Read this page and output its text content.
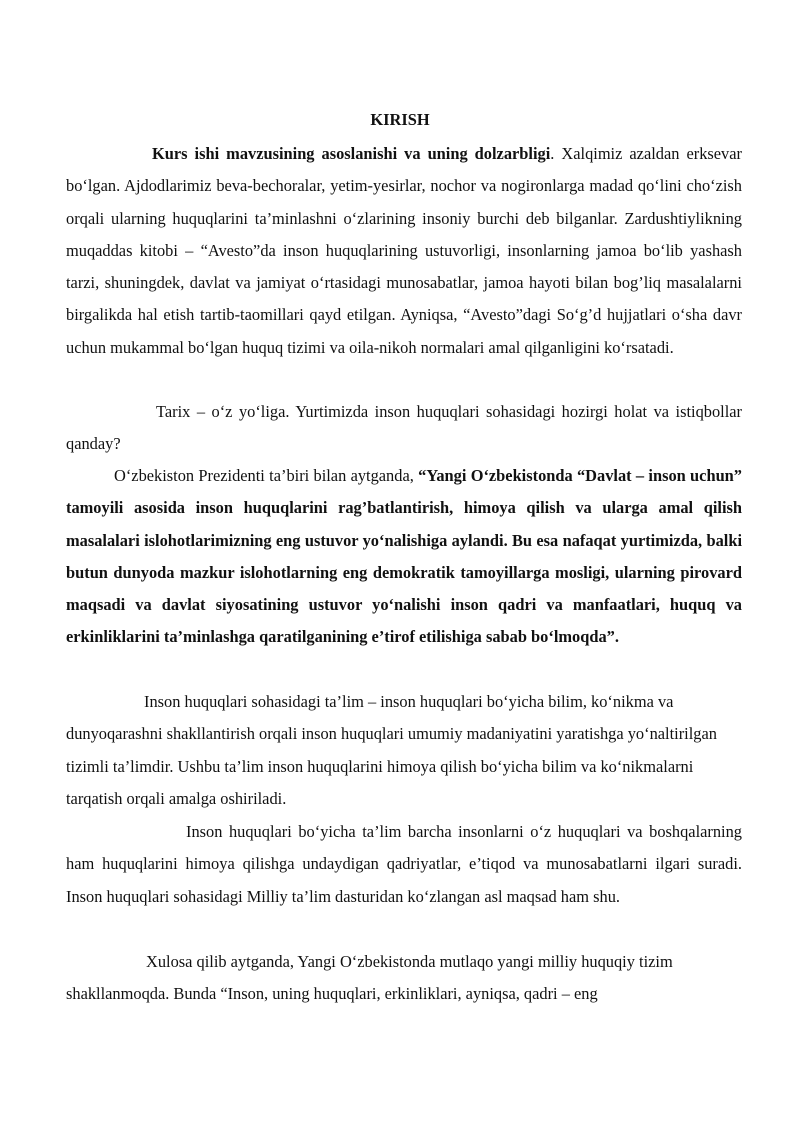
KIRISH

Kurs ishi mavzusining asoslanishi va uning dolzarbligi. Xalqimiz azaldan erksevar bo‘lgan. Ajdodlarimiz beva-bechoralar, yetim-yesirlar, nochor va nogironlarga madad qo‘lini cho‘zish orqali ularning huquqlarini ta’minlashni o‘zlarining insoniy burchi deb bilganlar. Zardushtiylikning muqaddas kitobi – “Avesto”da inson huquqlarining ustuvorligi, insonlarning jamoa bo‘lib yashash tarzi, shuningdek, davlat va jamiyat o‘rtasidagi munosabatlar, jamoa hayoti bilan bog’liq masalalarni birgalikda hal etish tartib-taomillari qayd etilgan. Ayniqsa, “Avesto”dagi So‘g’d hujjatlari o‘sha davr uchun mukammal bo‘lgan huquq tizimi va oila-nikoh normalari amal qilganligini ko‘rsatadi.

Tarix – o‘z yo‘liga. Yurtimizda inson huquqlari sohasidagi hozirgi holat va istiqbollar qanday?

O‘zbekiston Prezidenti ta’biri bilan aytganda, “Yangi O‘zbekistonda “Davlat – inson uchun” tamoyili asosida inson huquqlarini rag’batlantirish, himoya qilish va ularga amal qilish masalalari islohotlarimizning eng ustuvor yo‘nalishiga aylandi. Bu esa nafaqat yurtimizda, balki butun dunyoda mazkur islohotlarning eng demokratik tamoyillarga mosligi, ularning pirovard maqsadi va davlat siyosatining ustuvor yo‘nalishi inson qadri va manfaatlari, huquq va erkinliklarini ta’minlashga qaratilganining e’tirof etilishiga sabab bo‘lmoqda”.

Inson huquqlari sohasidagi ta’lim – inson huquqlari bo‘yicha bilim, ko‘nikma va dunyoqarashni shakllantirish orqali inson huquqlari umumiy madaniyatini yaratishga yo‘naltirilgan tizimli ta’limdir. Ushbu ta’lim inson huquqlarini himoya qilish bo‘yicha bilim va ko‘nikmalarni tarqatish orqali amalga oshiriladi.

Inson huquqlari bo‘yicha ta’lim barcha insonlarni o‘z huquqlari va boshqalarning ham huquqlarini himoya qilishga undaydigan qadriyatlar, e’tiqod va munosabatlarni ilgari suradi. Inson huquqlari sohasidagi Milliy ta’lim dasturidan ko‘zlangan asl maqsad ham shu.

Xulosa qilib aytganda, Yangi O‘zbekistonda mutlaqo yangi milliy huquqiy tizim shakllanmoqda. Bunda “Inson, uning huquqlari, erkinliklari, ayniqsa, qadri – eng
